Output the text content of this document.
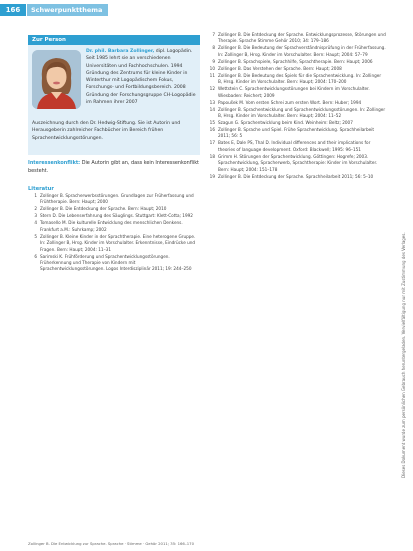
166	Schwerpunktthema
Zur Person
Dr. phil. Barbara Zollinger, dipl. Logopädin. Seit 1985 lehrt sie an verschiedenen Universitäten und Fachhochschulen. 1994 Gründung des Zentrums für kleine Kinder in Winterthur mit Logopädischem Fokus, Forschungs- und Fortbildungsbereich. 2008 Gründung der Forschungsgruppe CH-Logopädie im Rahmen ihrer 2007
Auszeichnung durch den Dr. Hedwig-Stiftung. Sie ist Autorin und Herausgeberin zahlreicher Fachbücher im Bereich frühen Sprachentwicklungsstörungen.
Interessenkonflikt: Die Autorin gibt an, dass kein Interessenkonflikt besteht.
Literatur
1 Zollinger B. Spracherwerbsstörungen. Grundlagen zur Früherfassung und Frühtherapie. Bern: Haupt; 2000
2 Zollinger B. Die Entdeckung der Sprache. Bern: Haupt; 2010
3 Stern D. Die Lebenserfahrung des Säuglings. Stuttgart: Klett-Cotta; 1992
4 Tomasello M. Die kulturelle Entwicklung des menschlichen Denkens. Frankfurt a.M.: Suhrkamp; 2002
5 Zollinger B. Kleine Kinder in der Sprachtherapie. Eine heterogene Gruppe. In: Zollinger B, Hrsg. Kinder im Vorschulalter. Erkenntnisse, Eindrücke und Fragen. Bern: Haupt; 2004: 11–31
6 Sarimski K. Frühförderung und Sprachentwicklungsstörungen. Früherkennung und Therapie von Kindern mit Sprachentwicklungsstörungen. Logos Interdisziplinär 2011; 19: 244–250
7 Zollinger B. Die Entdeckung der Sprache. Entwicklungsprozesse, Störungen und Therapie. Sprache Stimme Gehör 2010; 34: 179–186
8 Zollinger B. Die Bedeutung der Sprachverständnisprüfung in der Früherfassung. In: Zollinger B, Hrsg. Kinder im Vorschulalter. Bern: Haupt; 2004: 57–79
9 Zollinger B. Sprachspiele, Sprachhilfe, Sprachtherapie. Bern: Haupt; 2006
10 Zollinger B. Das Verstehen der Sprache. Bern: Haupt; 2008
11 Zollinger B. Die Bedeutung des Spiels für die Sprachentwicklung. In: Zollinger B, Hrsg. Kinder im Vorschulalter. Bern: Haupt; 2004: 170–200
12 Wettstein C. Sprachentwicklungsstörungen bei Kindern im Vorschulalter. Wiesbaden: Reichert; 2009
13 Papoušek M. Vom ersten Schrei zum ersten Wort. Bern: Huber; 1994
14 Zollinger B. Sprachentwicklung und Sprachentwicklungsstörungen. In: Zollinger B, Hrsg. Kinder im Vorschulalter. Bern: Haupt; 2004: 11–52
15 Szagun G. Sprachentwicklung beim Kind. Weinheim: Beltz; 2007
16 Zollinger B. Sprache und Spiel. Frühe Sprachentwicklung. Sprachheilarbeit 2011; 56: 5
17 Bates E, Dale PS, Thal D. Individual differences and their implications for theories of language development. Oxford: Blackwell; 1995: 96–151
18 Grimm H. Störungen der Sprachentwicklung. Göttingen: Hogrefe; 2003. Sprachentwicklung, Spracherwerb, Sprachtherapie: Kinder im Vorschulalter. Bern: Haupt; 2004: 151–178
19 Zollinger B. Die Entdeckung der Sprache. Sprachheilarbeit 2011; 56: 5–10
Dieses Dokument wurde zum persönlichen Gebrauch heruntergeladen. Vervielfältigung nur mit Zustimmung des Verlages.
Zollinger B. Die Entwicklung zur Sprache. Sprache · Stimme · Gehör 2011; 35: 166–170
